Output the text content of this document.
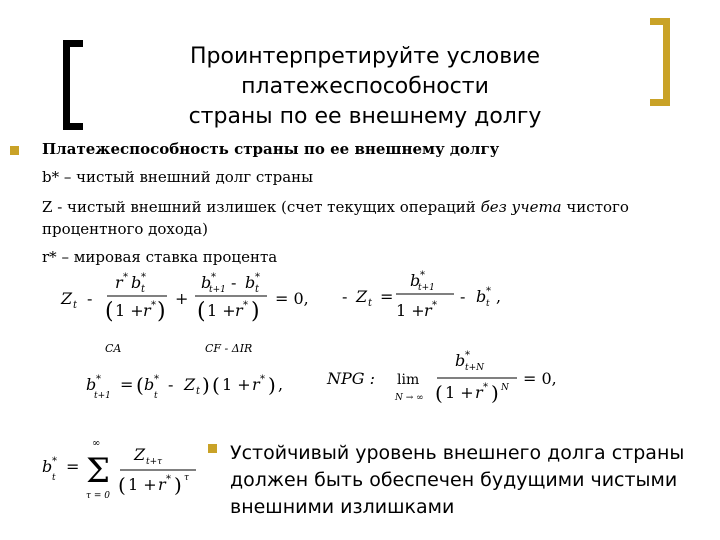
Проинтерпретируйте условие платежеспособности
страны по ее внешнему долгу
Платежеспособность страны по ее внешнему долгу
b* – чистый внешний долг страны
Z - чистый внешний излишек (счет текущих операций без учета чистого
процентного дохода)
r* – мировая ставка процента
Z t -
r * b *
t
( 1 + r * )
+
b *
t+1 - b *
t
( 1 + r * )
= 0,
CA	CF - ΔIR
- Z t =
b *
t+1
1 + r * - b *
t ,
b *
t+1
= ( b *
t
- Z t ) ( 1 + r * ) ,	NPG : lim
N → ∞
b *
t+N
( 1 + r * ) N = 0,
b *
t
= Σ
∞
τ = 0
Z t+τ
( 1 + r * ) τ
Устойчивый уровень внешнего долга страны должен быть обеспечен будущими чистыми внешними излишками
